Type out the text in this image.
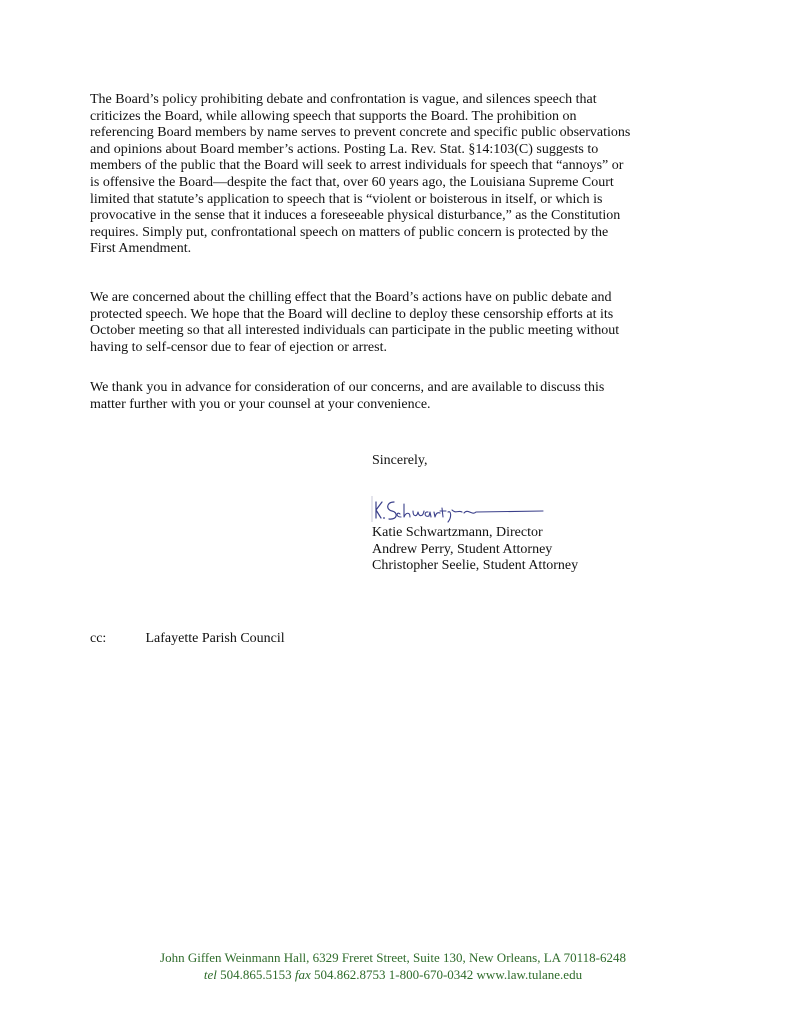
The Board’s policy prohibiting debate and confrontation is vague, and silences speech that
criticizes the Board, while allowing speech that supports the Board. The prohibition on
referencing Board members by name serves to prevent concrete and specific public observations
and opinions about Board member’s actions. Posting La. Rev. Stat. §14:103(C) suggests to
members of the public that the Board will seek to arrest individuals for speech that “annoys” or
is offensive the Board—despite the fact that, over 60 years ago, the Louisiana Supreme Court
limited that statute’s application to speech that is “violent or boisterous in itself, or which is
provocative in the sense that it induces a foreseeable physical disturbance,” as the Constitution
requires. Simply put, confrontational speech on matters of public concern is protected by the
First Amendment.
We are concerned about the chilling effect that the Board’s actions have on public debate and
protected speech. We hope that the Board will decline to deploy these censorship efforts at its
October meeting so that all interested individuals can participate in the public meeting without
having to self-censor due to fear of ejection or arrest.
We thank you in advance for consideration of our concerns, and are available to discuss this
matter further with you or your counsel at your convenience.
Sincerely,
Katie Schwartzmann, Director
Andrew Perry, Student Attorney
Christopher Seelie, Student Attorney
cc:	Lafayette Parish Council
John Giffen Weinmann Hall, 6329 Freret Street, Suite 130, New Orleans, LA 70118-6248
tel 504.865.5153 fax 504.862.8753 1-800-670-0342 www.law.tulane.edu
